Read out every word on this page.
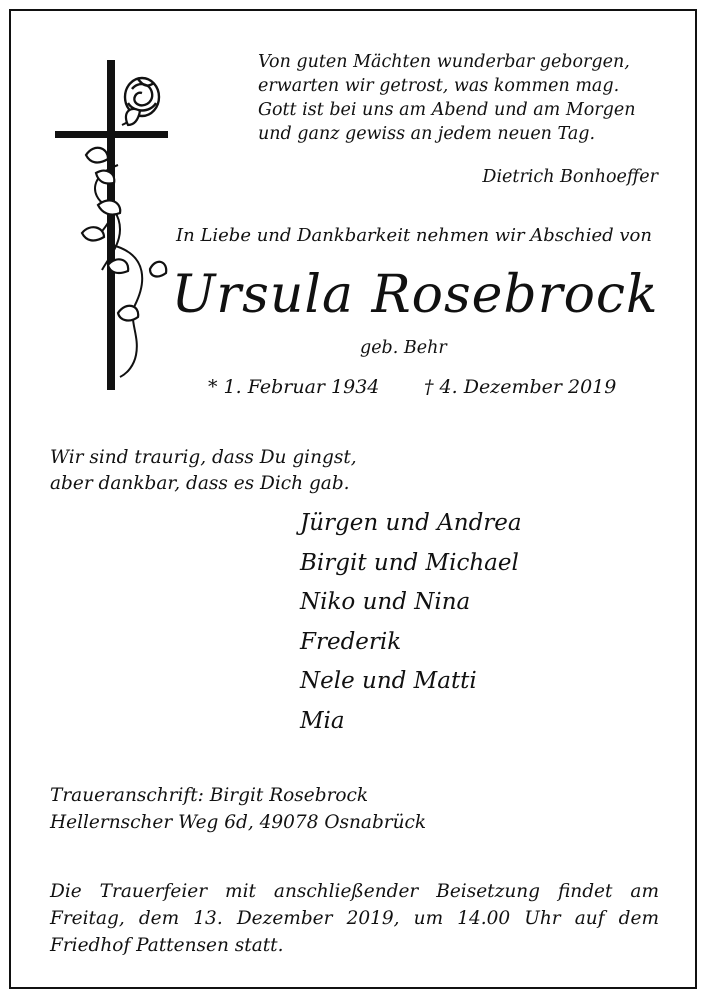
Von guten Mächten wunderbar geborgen,
erwarten wir getrost, was kommen mag.
Gott ist bei uns am Abend und am Morgen
und ganz gewiss an jedem neuen Tag.
Dietrich Bonhoeffer
In Liebe und Dankbarkeit nehmen wir Abschied von
Ursula Rosebrock
geb. Behr
* 1. Februar 1934 † 4. Dezember 2019
Wir sind traurig, dass Du gingst,
aber dankbar, dass es Dich gab.
Jürgen und Andrea
Birgit und Michael
Niko und Nina
Frederik
Nele und Matti
Mia
Traueranschrift: Birgit Rosebrock
Hellernscher Weg 6d, 49078 Osnabrück
Die Trauerfeier mit anschließender Beisetzung findet am Freitag, dem 13. Dezember 2019, um 14.00 Uhr auf dem Friedhof Pattensen statt.
